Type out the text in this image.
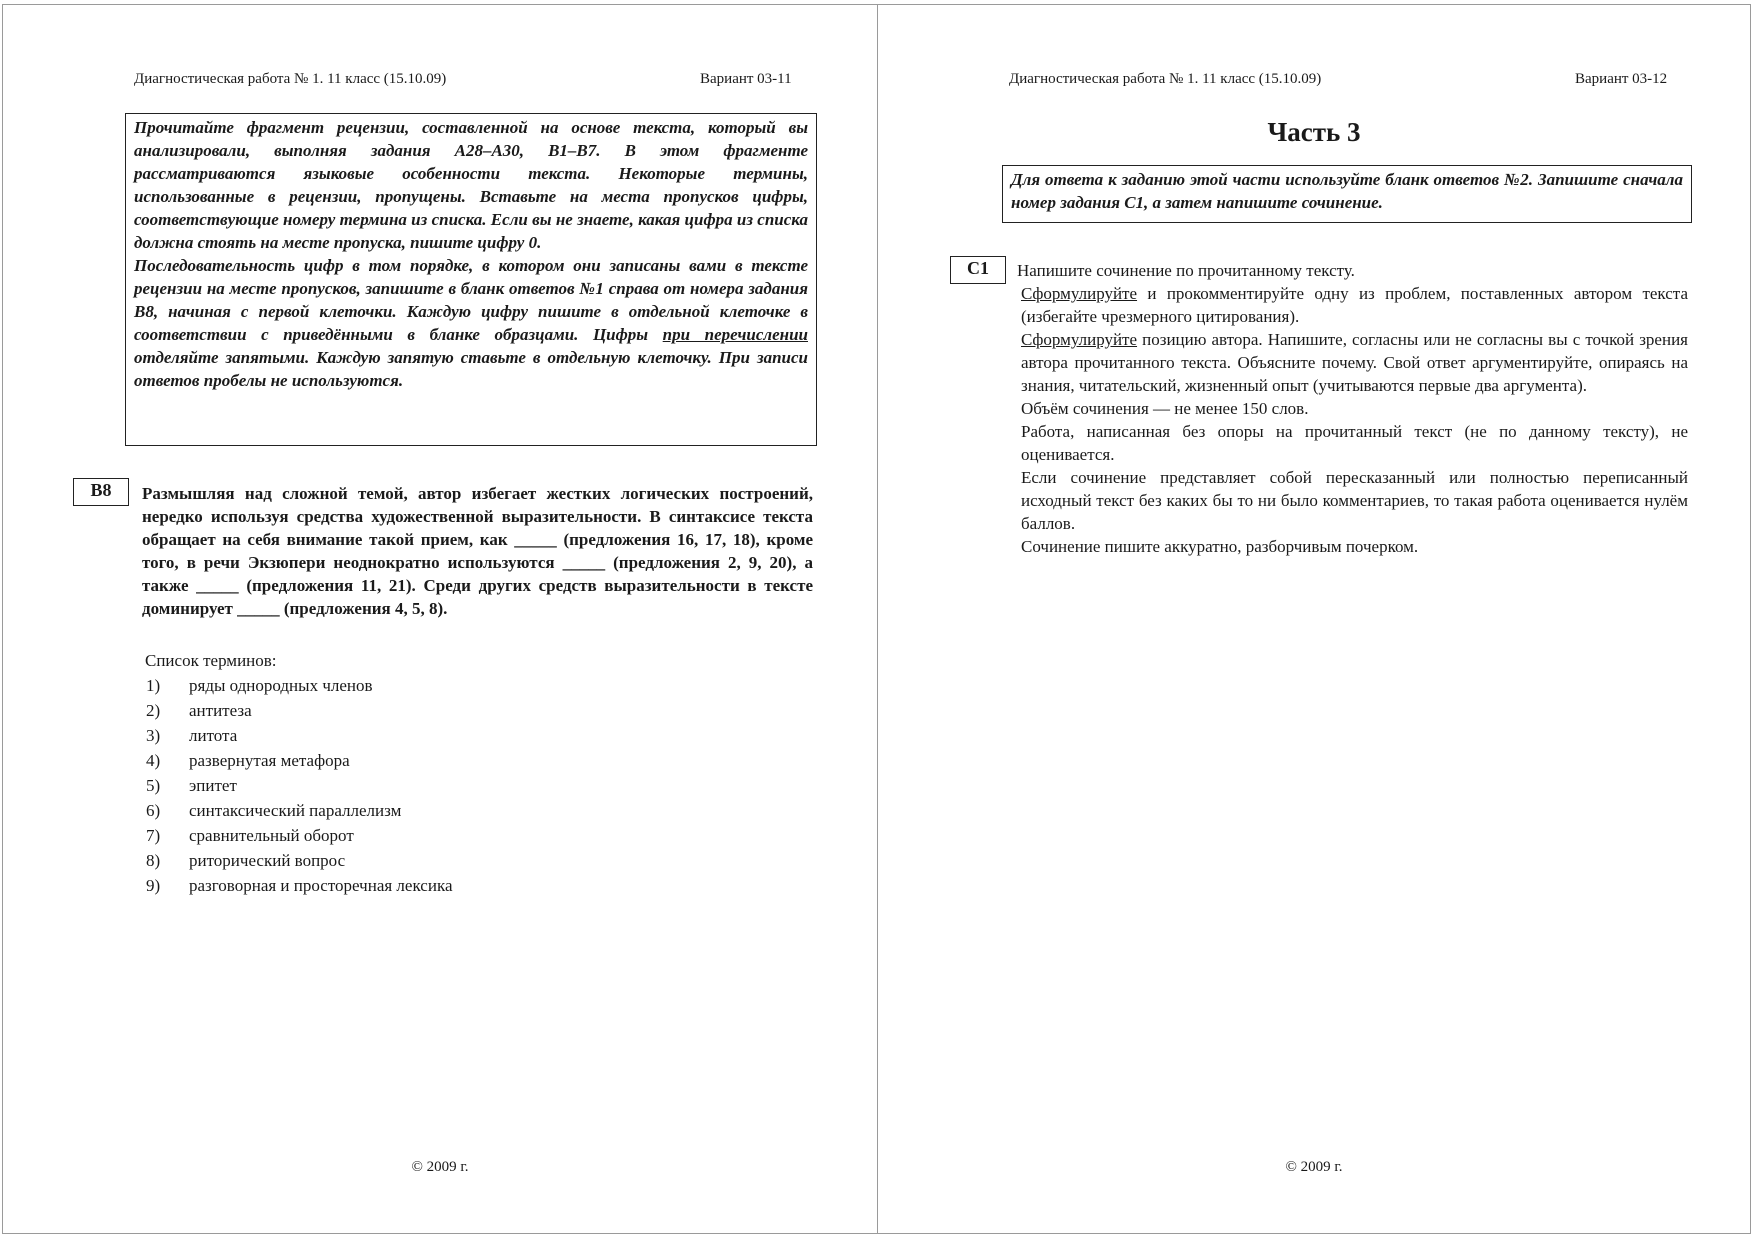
Диагностическая работа № 1. 11 класс (15.10.09)	Вариант 03-11

Прочитайте фрагмент рецензии, составленной на основе текста, который вы анализировали, выполняя задания А28–А30, В1–В7. В этом фрагменте рассматриваются языковые особенности текста. Некоторые термины, использованные в рецензии, пропущены. Вставьте на места пропусков цифры, соответствующие номеру термина из списка. Если вы не знаете, какая цифра из списка должна стоять на месте пропуска, пишите цифру 0.

Последовательность цифр в том порядке, в котором они записаны вами в тексте рецензии на месте пропусков, запишите в бланк ответов №1 справа от номера задания В8, начиная с первой клеточки. Каждую цифру пишите в отдельной клеточке в соответствии с приведёнными в бланке образцами. Цифры при перечислении отделяйте запятыми. Каждую запятую ставьте в отдельную клеточку. При записи ответов пробелы не используются.

В8	Размышляя над сложной темой, автор избегает жестких логических построений, нередко используя средства художественной выразительности. В синтаксисе текста обращает на себя внимание такой прием, как _____ (предложения 16, 17, 18), кроме того, в речи Экзюпери неоднократно используются _____ (предложения 2, 9, 20), а также _____ (предложения 11, 21). Среди других средств выразительности в тексте доминирует _____ (предложения 4, 5, 8).

Список терминов:
1) ряды однородных членов
2) антитеза
3) литота
4) развернутая метафора
5) эпитет
6) синтаксический параллелизм
7) сравнительный оборот
8) риторический вопрос
9) разговорная и просторечная лексика
© 2009 г.
Диагностическая работа № 1. 11 класс (15.10.09)	Вариант 03-12
Часть 3

Для ответа к заданию этой части используйте бланк ответов №2. Запишите сначала номер задания С1, а затем напишите сочинение.

С1	Напишите сочинение по прочитанному тексту.

Сформулируйте и прокомментируйте одну из проблем, поставленных автором текста (избегайте чрезмерного цитирования).

Сформулируйте позицию автора. Напишите, согласны или не согласны вы с точкой зрения автора прочитанного текста. Объясните почему. Свой ответ аргументируйте, опираясь на знания, читательский, жизненный опыт (учитываются первые два аргумента).

Объём сочинения — не менее 150 слов.

Работа, написанная без опоры на прочитанный текст (не по данному тексту), не оценивается.

Если сочинение представляет собой пересказанный или полностью переписанный исходный текст без каких бы то ни было комментариев, то такая работа оценивается нулём баллов.

Сочинение пишите аккуратно, разборчивым почерком.

© 2009 г.
